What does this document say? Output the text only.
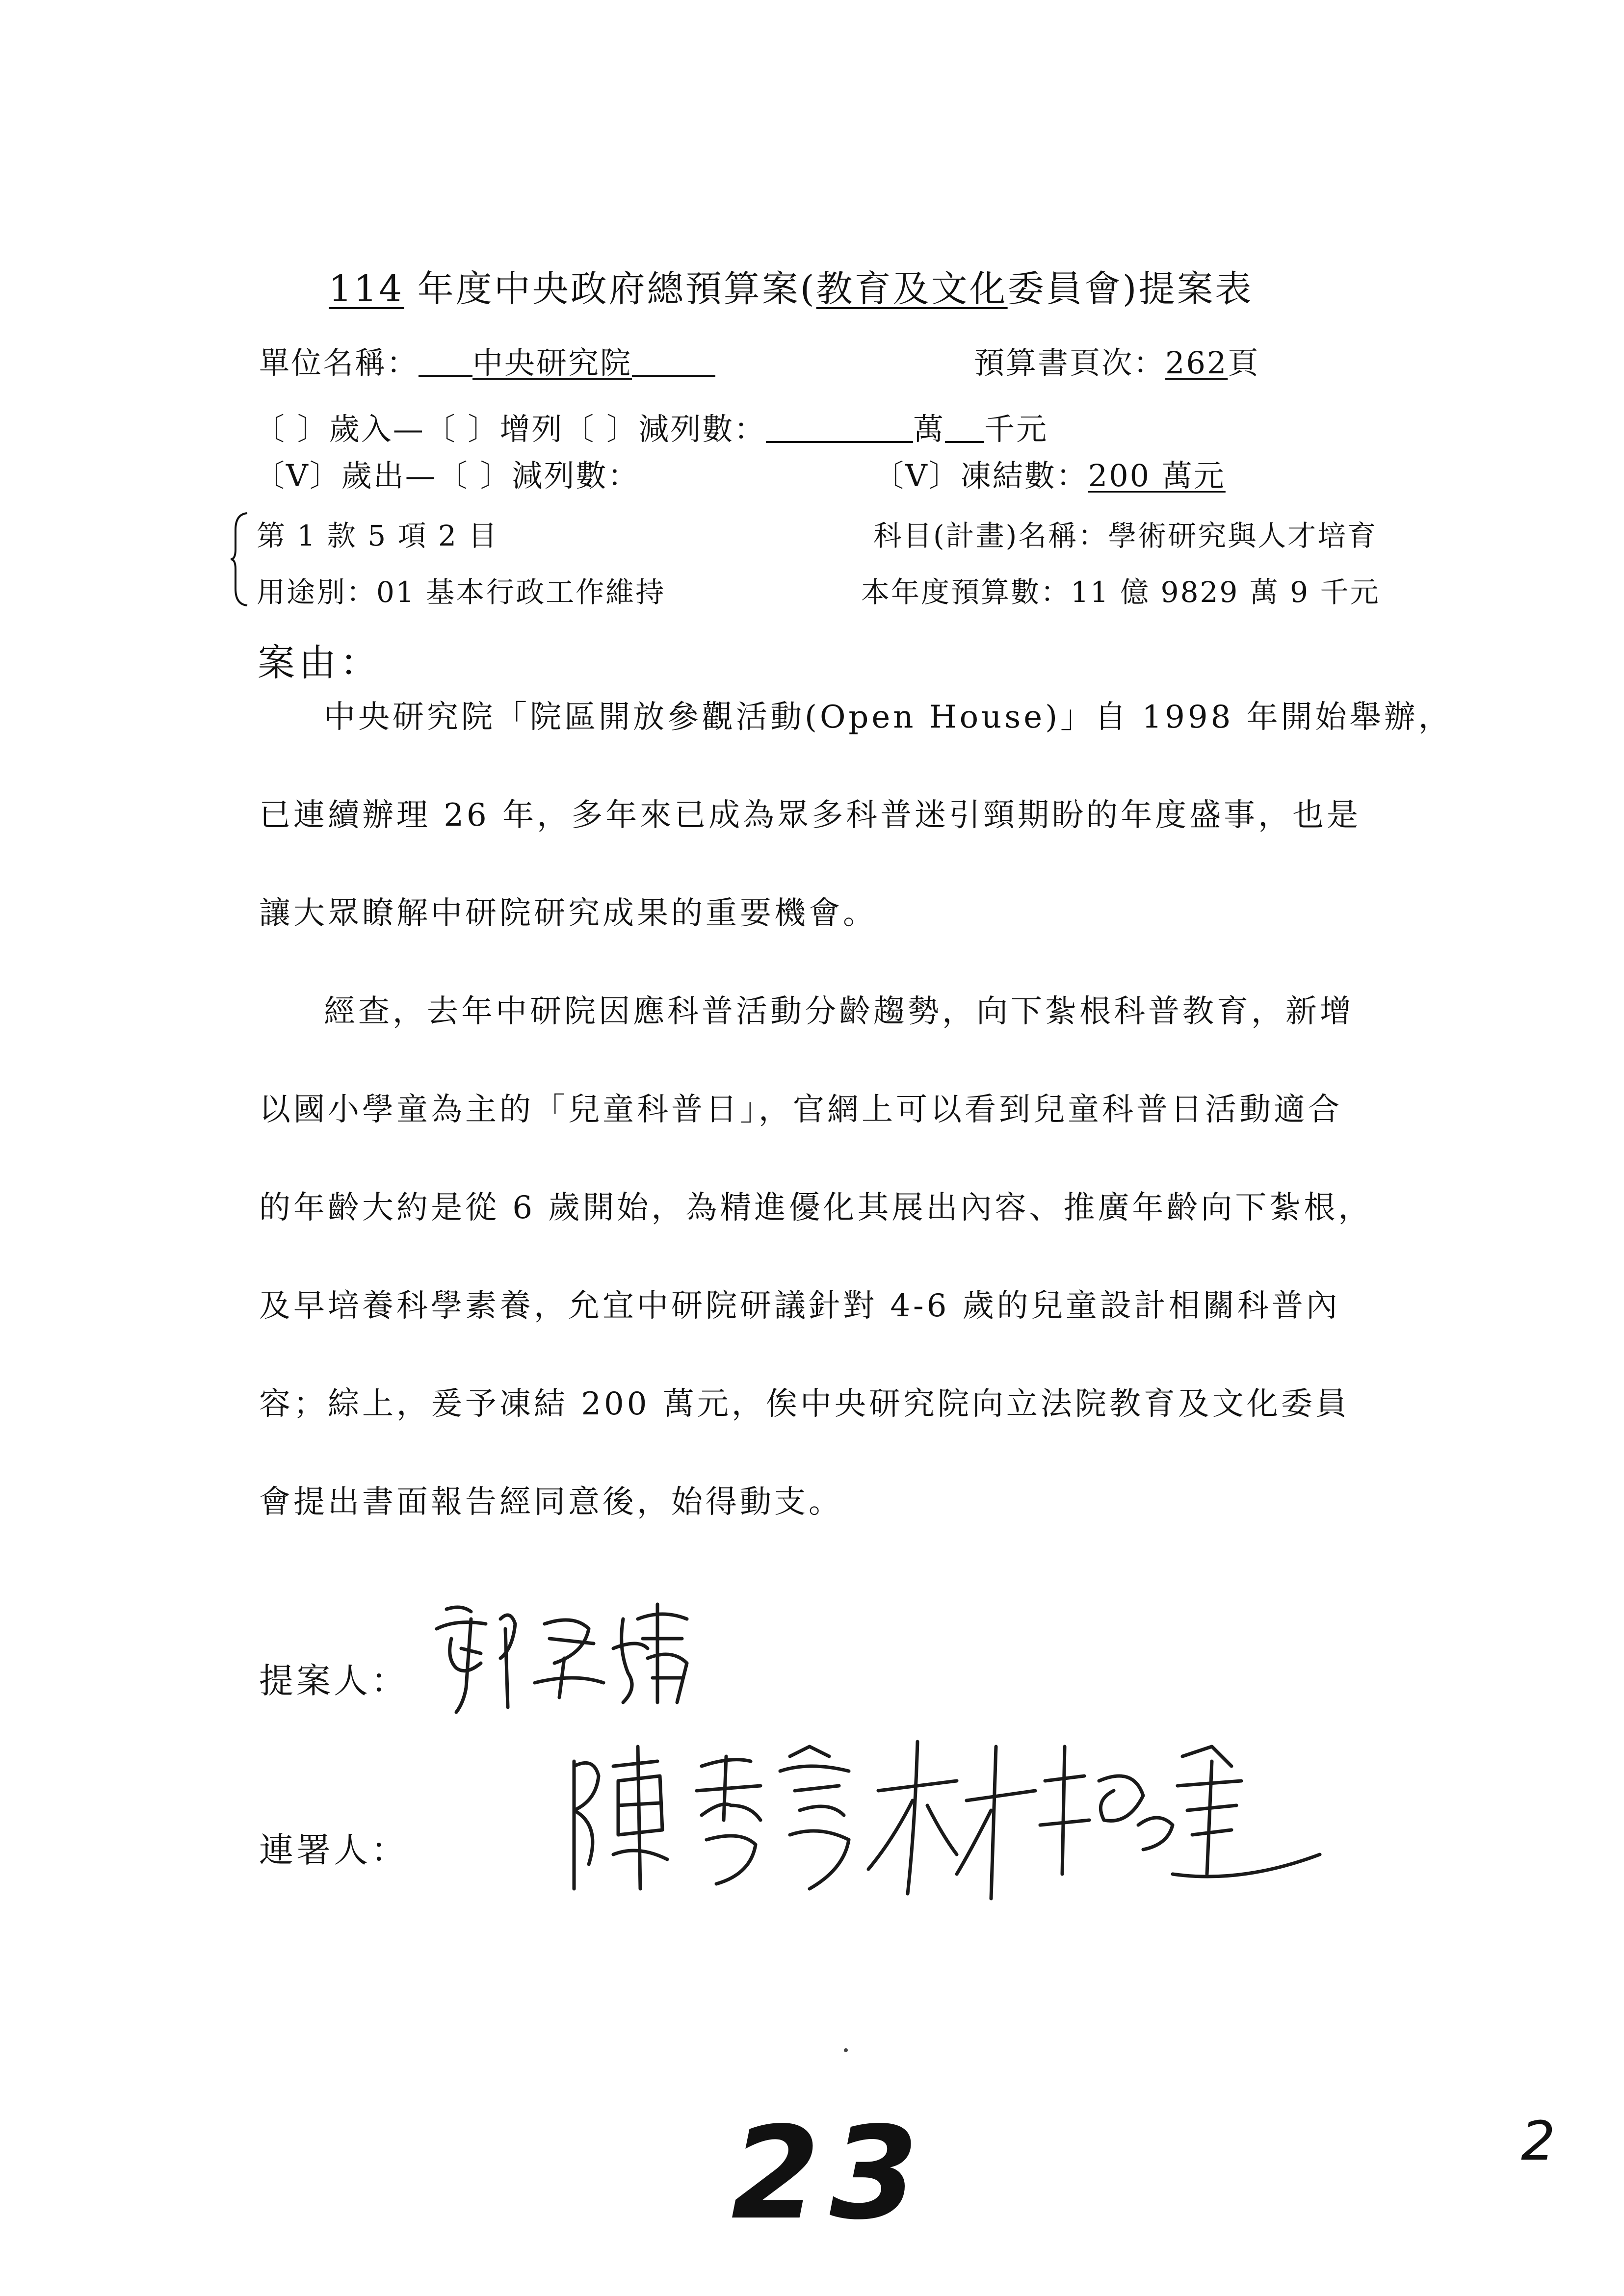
114 年度中央政府總預算案(教育及文化委員會)提案表
單位名稱： 中央研究院	預算書頁次：262頁
〔 〕歲入—〔 〕增列〔 〕減列數：	萬 千元
〔V〕歲出—〔 〕減列數：	〔V〕凍結數：200 萬元
第 1 款 5 項 2 目	科目(計畫)名稱：學術研究與人才培育
用途別：01 基本行政工作維持	本年度預算數：11 億 9829 萬 9 千元
案由：
中央研究院「院區開放參觀活動(Open House)」自 1998 年開始舉辦，
已連續辦理 26 年，多年來已成為眾多科普迷引頸期盼的年度盛事，也是
讓大眾瞭解中研院研究成果的重要機會。
經查，去年中研院因應科普活動分齡趨勢，向下紮根科普教育，新增
以國小學童為主的「兒童科普日」，官網上可以看到兒童科普日活動適合
的年齡大約是從 6 歲開始，為精進優化其展出內容、推廣年齡向下紮根，
及早培養科學素養，允宜中研院研議針對 4-6 歲的兒童設計相關科普內
容；綜上，爰予凍結 200 萬元，俟中央研究院向立法院教育及文化委員
會提出書面報告經同意後，始得動支。
提案人：
連署人：
23	2
